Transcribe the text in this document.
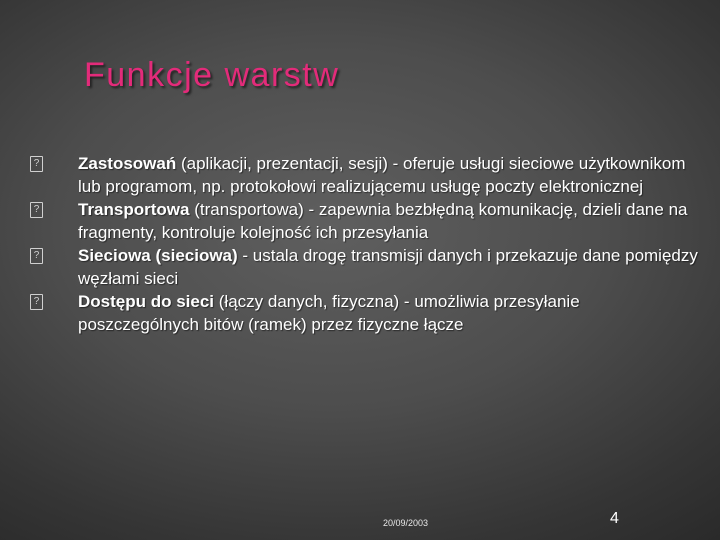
Funkcje warstw
? Zastosowań (aplikacji, prezentacji, sesji) - oferuje usługi sieciowe użytkownikom lub programom, np. protokołowi realizującemu usługę poczty elektronicznej
? Transportowa (transportowa) - zapewnia bezbłędną komunikację, dzieli dane na fragmenty, kontroluje kolejność ich przesyłania
? Sieciowa (sieciowa) - ustala drogę transmisji danych i przekazuje dane pomiędzy węzłami sieci
? Dostępu do sieci (łączy danych, fizyczna) - umożliwia przesyłanie poszczególnych bitów (ramek) przez fizyczne łącze
20/09/2003	4
